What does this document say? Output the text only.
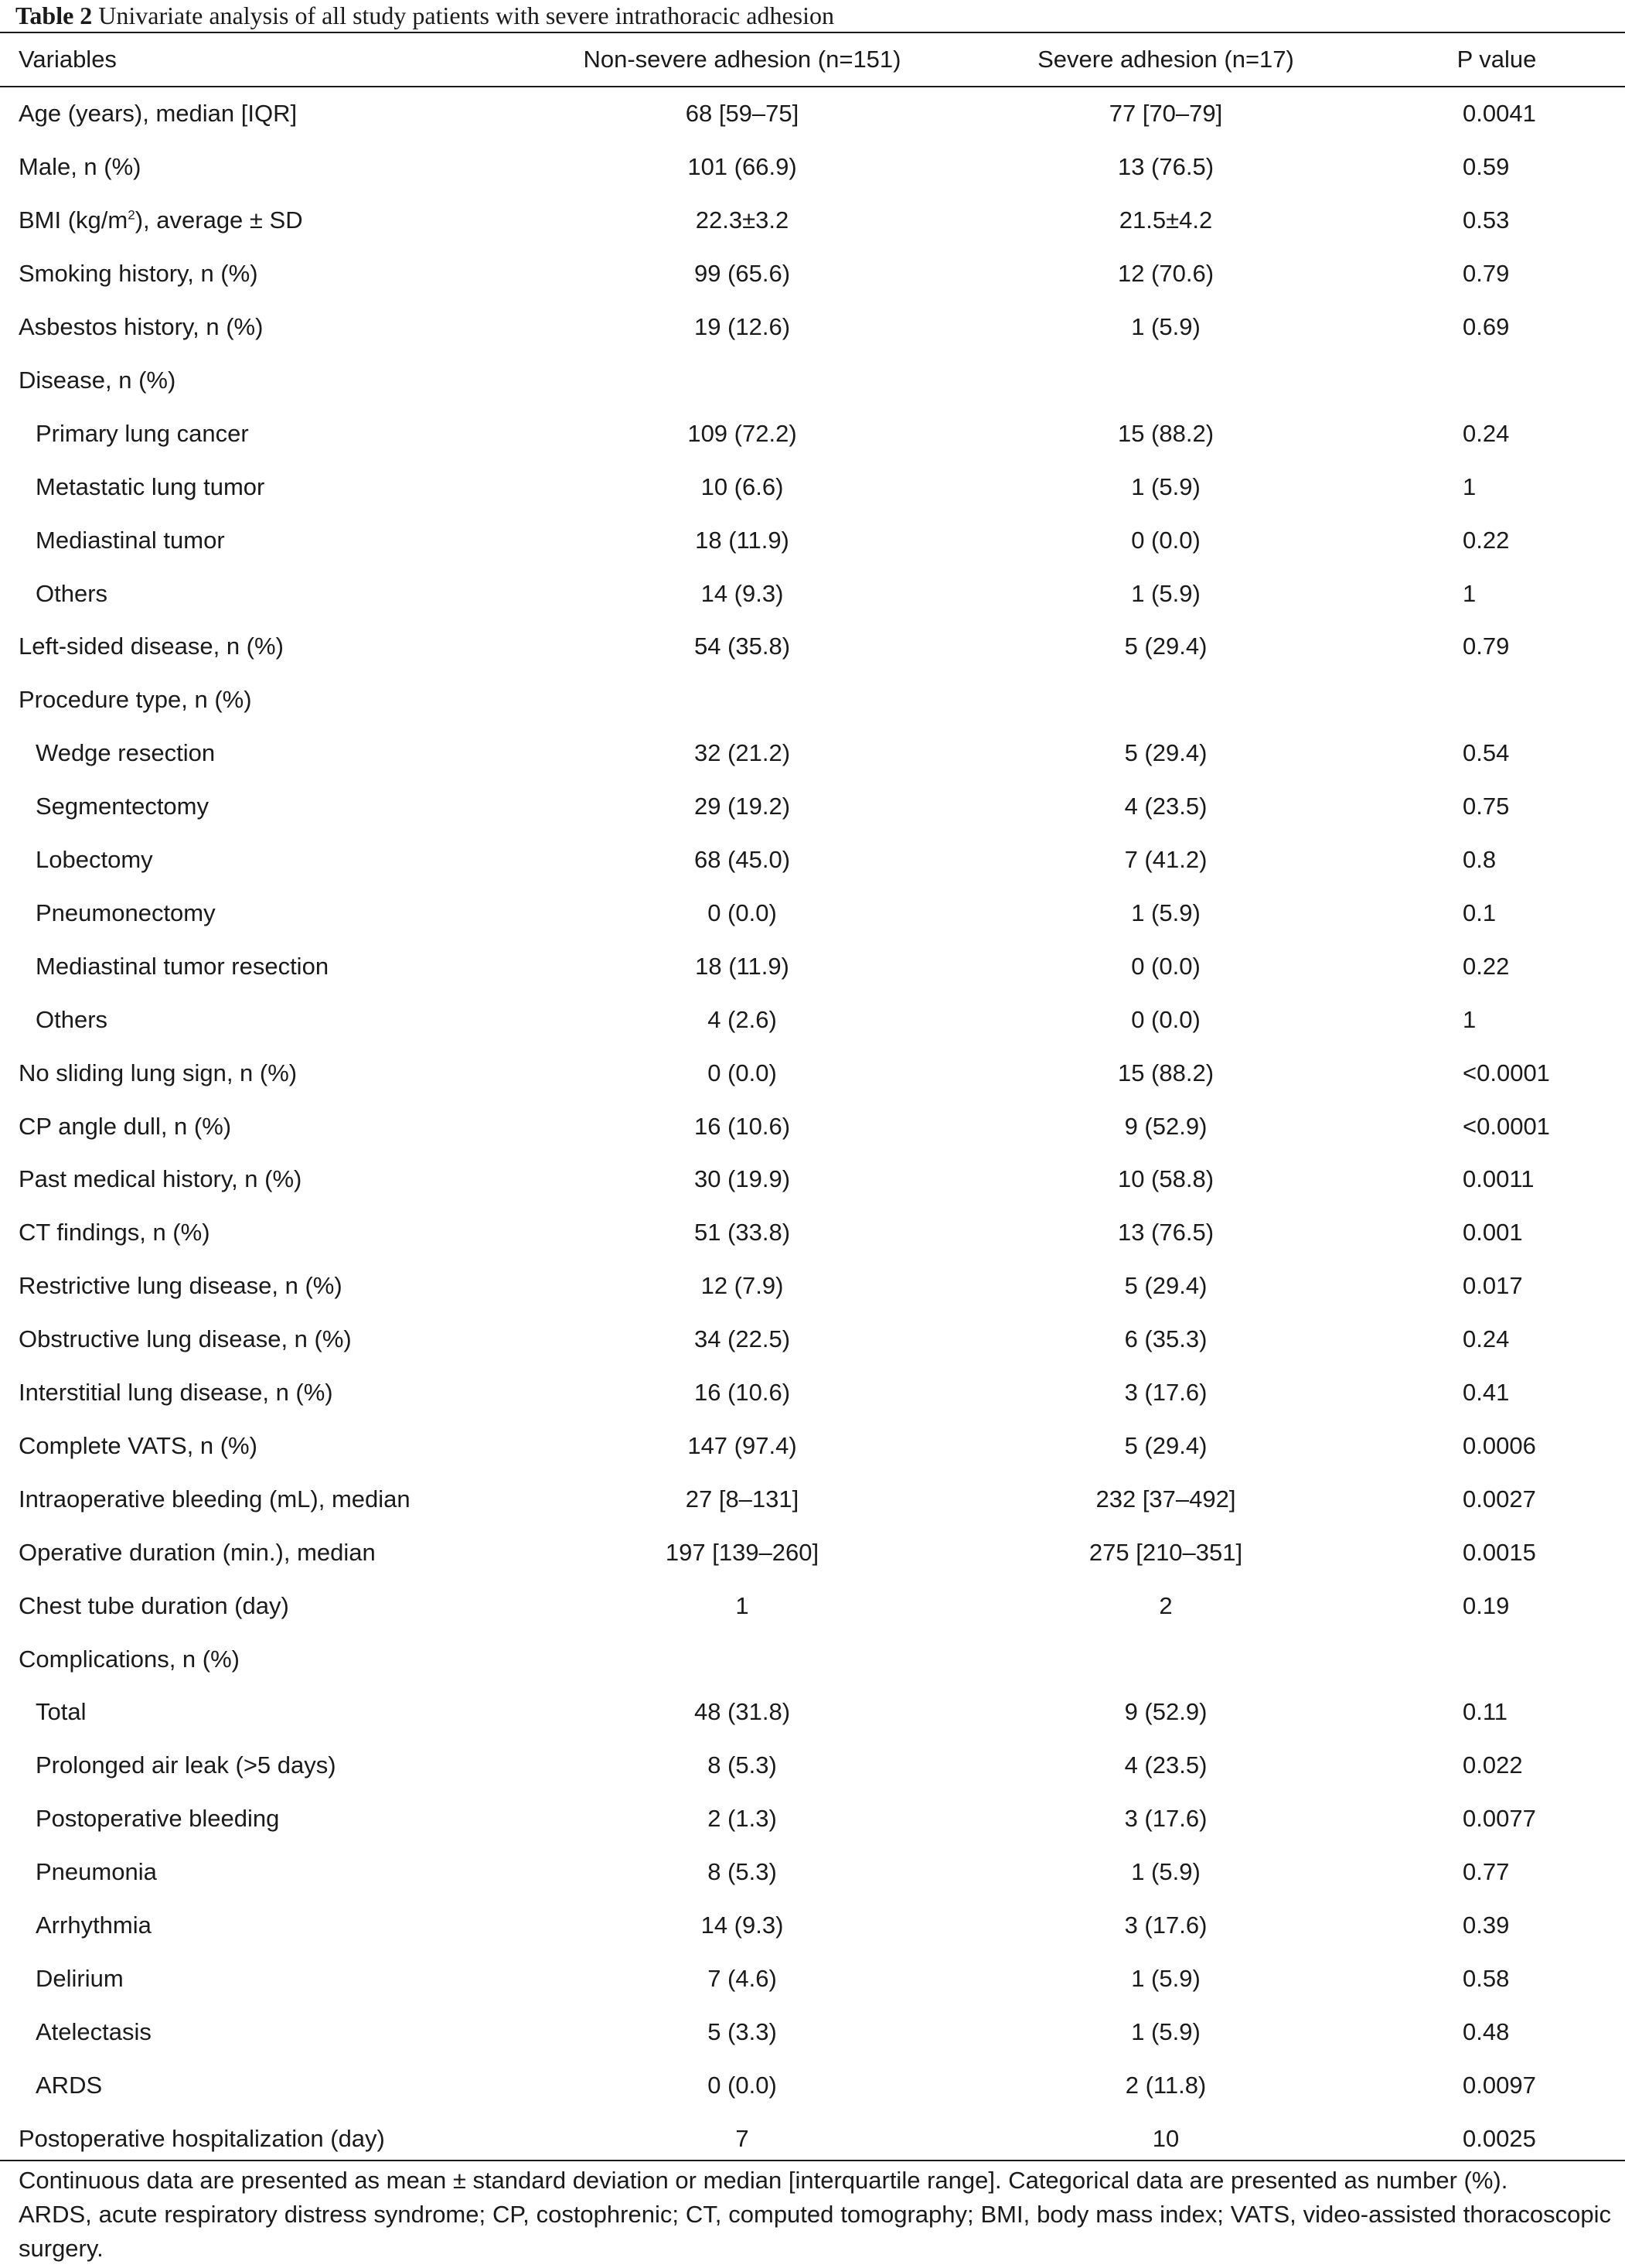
Table 2 Univariate analysis of all study patients with severe intrathoracic adhesion
Variables	Non-severe adhesion (n=151)	Severe adhesion (n=17)	P value
Age (years), median [IQR]	68 [59–75]	77 [70–79]	0.0041
Male, n (%)	101 (66.9)	13 (76.5)	0.59
BMI $(kg/m^2)$, average ± SD	22.3±3.2	21.5±4.2	0.53
Smoking history, n (%)	99 (65.6)	12 (70.6)	0.79
Asbestos history, n (%)	19 (12.6)	1 (5.9)	0.69
Disease, n (%)
Primary lung cancer	109 (72.2)	15 (88.2)	0.24
Metastatic lung tumor	10 (6.6)	1 (5.9)	1
Mediastinal tumor	18 (11.9)	0 (0.0)	0.22
Others	14 (9.3)	1 (5.9)	1
Left-sided disease, n (%)	54 (35.8)	5 (29.4)	0.79
Procedure type, n (%)
Wedge resection	32 (21.2)	5 (29.4)	0.54
Segmentectomy	29 (19.2)	4 (23.5)	0.75
Lobectomy	68 (45.0)	7 (41.2)	0.8
Pneumonectomy	0 (0.0)	1 (5.9)	0.1
Mediastinal tumor resection	18 (11.9)	0 (0.0)	0.22
Others	4 (2.6)	0 (0.0)	1
No sliding lung sign, n (%)	0 (0.0)	15 (88.2)	<0.0001
CP angle dull, n (%)	16 (10.6)	9 (52.9)	<0.0001
Past medical history, n (%)	30 (19.9)	10 (58.8)	0.0011
CT findings, n (%)	51 (33.8)	13 (76.5)	0.001
Restrictive lung disease, n (%)	12 (7.9)	5 (29.4)	0.017
Obstructive lung disease, n (%)	34 (22.5)	6 (35.3)	0.24
Interstitial lung disease, n (%)	16 (10.6)	3 (17.6)	0.41
Complete VATS, n (%)	147 (97.4)	5 (29.4)	0.0006
Intraoperative bleeding (mL), median	27 [8–131]	232 [37–492]	0.0027
Operative duration (min.), median	197 [139–260]	275 [210–351]	0.0015
Chest tube duration (day)	1	2	0.19
Complications, n (%)
Total	48 (31.8)	9 (52.9)	0.11
Prolonged air leak (>5 days)	8 (5.3)	4 (23.5)	0.022
Postoperative bleeding	2 (1.3)	3 (17.6)	0.0077
Pneumonia	8 (5.3)	1 (5.9)	0.77
Arrhythmia	14 (9.3)	3 (17.6)	0.39
Delirium	7 (4.6)	1 (5.9)	0.58
Atelectasis	5 (3.3)	1 (5.9)	0.48
ARDS	0 (0.0)	2 (11.8)	0.0097
Postoperative hospitalization (day)	7	10	0.0025

Continuous data are presented as mean ± standard deviation or median [interquartile range]. Categorical data are presented as number (%).

ARDS, acute respiratory distress syndrome; CP, costophrenic; CT, computed tomography; BMI, body mass index; VATS, video-assisted thoracoscopic surgery.
